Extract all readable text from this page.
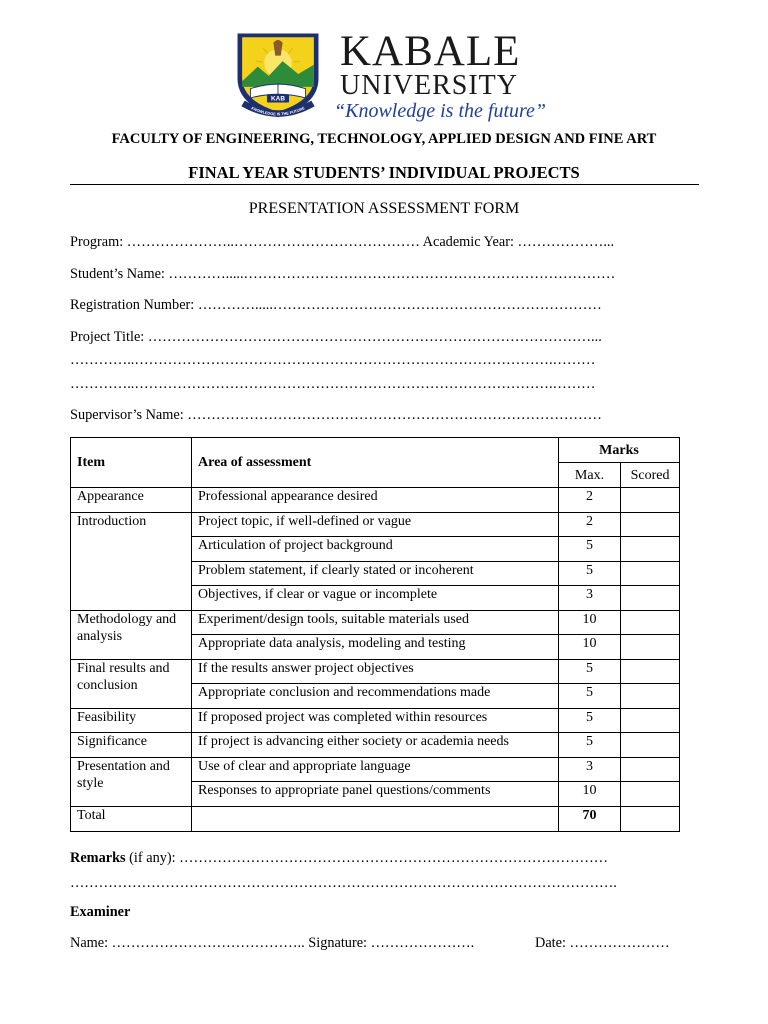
KAB
KNOWLEDGE IS THE FUTURE
KABALE
UNIVERSITY
“Knowledge is the future”
FACULTY OF ENGINEERING, TECHNOLOGY, APPLIED DESIGN AND FINE ART
FINAL YEAR STUDENTS’ INDIVIDUAL PROJECTS
PRESENTATION ASSESSMENT FORM
Program: …………………..………………………………… Academic Year: ………………...
Student’s Name: ………….....……………………………………………………………………
Registration Number: ………….....……………………………………………………………
Project Title: …………………………………………………………………………………...
…………..…………………………………………………………………………….………
…………..…………………………………………………………………………….………
Supervisor’s Name: ……………………………………………………………………………
Item	Area of assessment	Marks	
		Max.	Scored
Appearance	Professional appearance desired	2	
Introduction	Project topic, if well-defined or vague	2	
	Articulation of project background	5	
	Problem statement, if clearly stated or incoherent	5	
	Objectives, if clear or vague or incomplete	3	
Methodology and analysis	Experiment/design tools, suitable materials used	10	
	Appropriate data analysis, modeling and testing	10	
Final results and conclusion	If the results answer project objectives	5	
	Appropriate conclusion and recommendations made	5	
Feasibility	If proposed project was completed within resources	5	
Significance	If project is advancing either society or academia needs	5	
Presentation and style	Use of clear and appropriate language	3	
	Responses to appropriate panel questions/comments	10	
Total		70	
Remarks (if any): ………………………………………………………………………………
…………………………………………………………………………………………………….
Examiner
Name: ………………………………….. Signature: ………………….	Date: …………………
